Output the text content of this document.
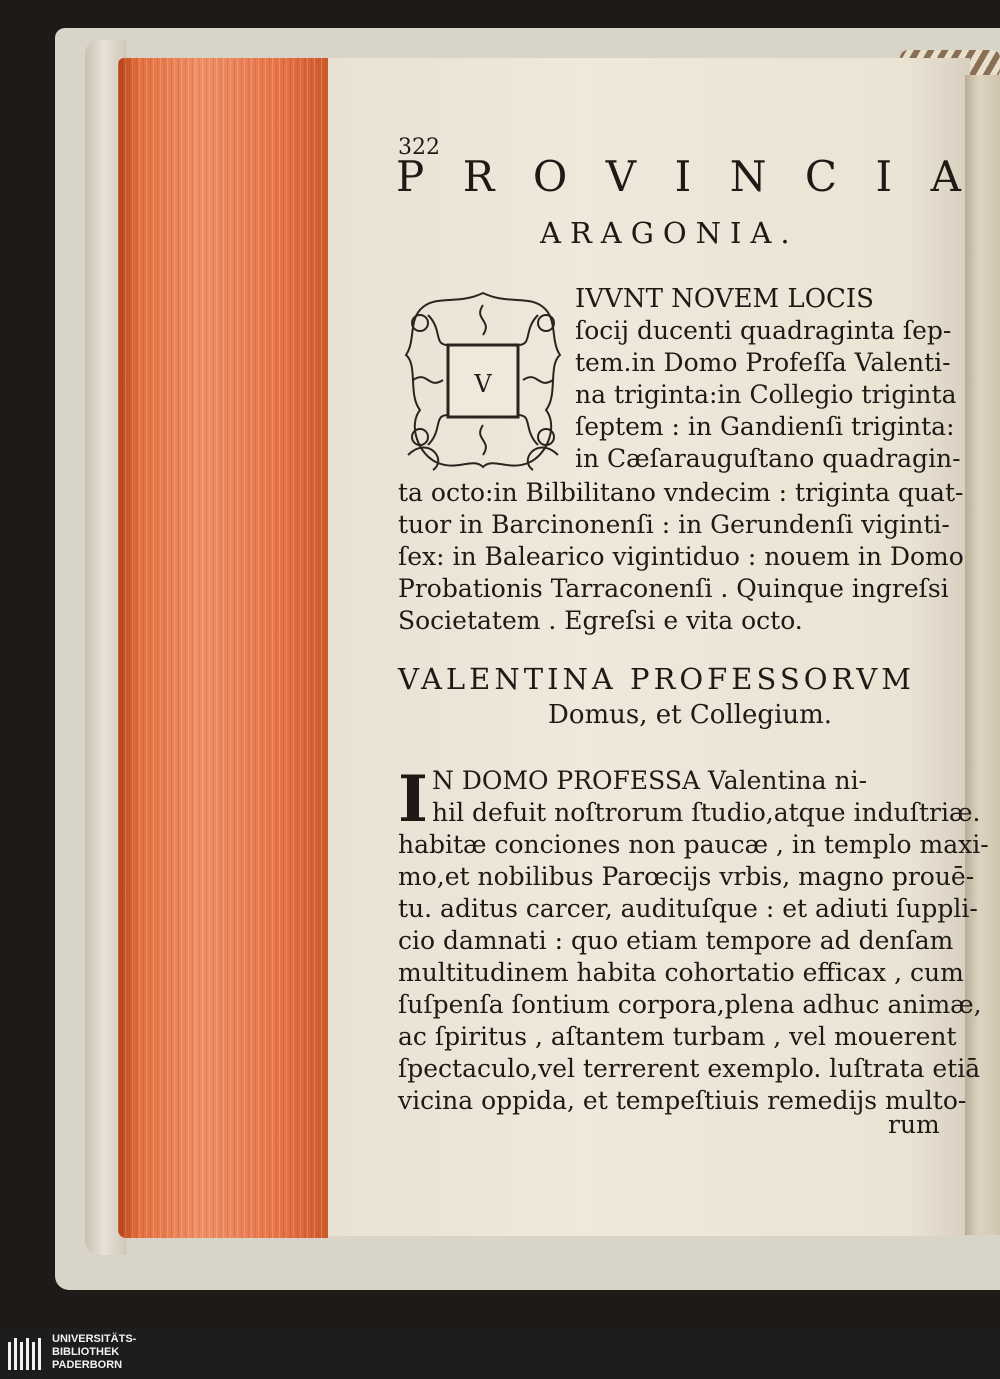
322
P R O V I N C I A
ARAGONIA.
V
IVVNT NOVEM LOCIS
ſocij ducenti quadraginta ſep-
tem.in Domo Profeſſa Valenti-
na triginta:in Collegio triginta
ſeptem : in Gandienſi triginta:
in Cæſarauguſtano quadragin-
ta octo:in Bilbilitano vndecim : triginta quat-
tuor in Barcinonenſi : in Gerundenſi viginti-
ſex: in Balearico vigintiduo : nouem in Domo
Probationis Tarraconenſi . Quinque ingreſsi
Societatem . Egreſsi e vita octo.
VALENTINA PROFESSORVM
Domus, et Collegium.
I N DOMO PROFESSA Valentina ni-
hil defuit noſtrorum ſtudio,atque induſtriæ.
habitæ conciones non paucæ , in templo maxi-
mo,et nobilibus Parœcijs vrbis, magno prouē-
tu. aditus carcer, audituſque : et adiuti ſuppli-
cio damnati : quo etiam tempore ad denſam
multitudinem habita cohortatio efficax , cum
ſuſpenſa ſontium corpora,plena adhuc animæ,
ac ſpiritus , aſtantem turbam , vel mouerent
ſpectaculo,vel terrerent exemplo. luſtrata etiā
vicina oppida, et tempeſtiuis remedijs multo-
rum
UNIVERSITÄTS-
BIBLIOTHEK
PADERBORN
